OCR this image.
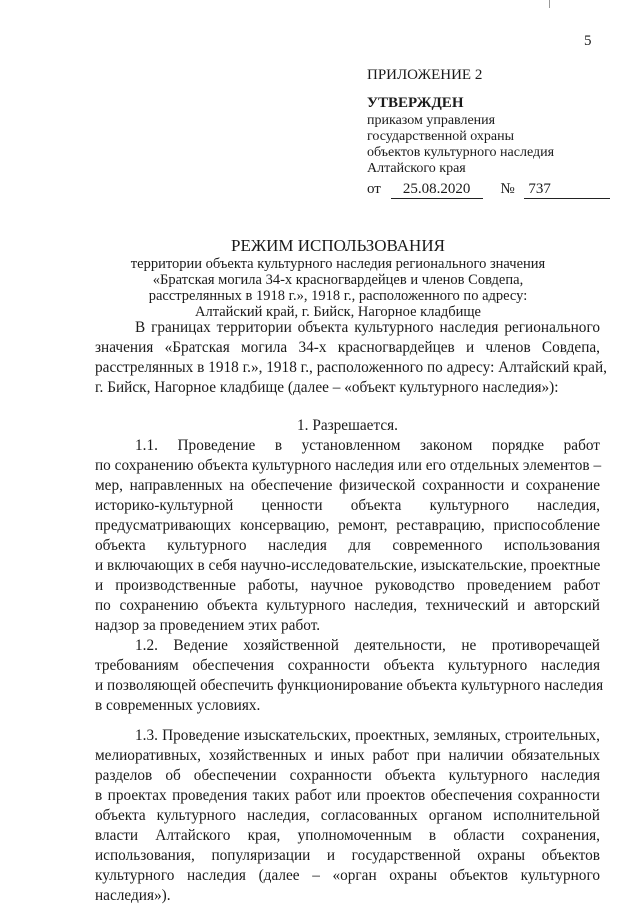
5
ПРИЛОЖЕНИЕ 2
УТВЕРЖДЕН
приказом управления
государственной охраны
объектов культурного наследия
Алтайского края
от 25.08.2020 № 737
РЕЖИМ ИСПОЛЬЗОВАНИЯ
территории объекта культурного наследия регионального значения
«Братская могила 34-х красногвардейцев и членов Совдепа,
расстрелянных в 1918 г.», 1918 г., расположенного по адресу:
Алтайский край, г. Бийск, Нагорное кладбище
В границах территории объекта культурного наследия регионального
значения «Братская могила 34-х красногвардейцев и членов Совдепа,
расстрелянных в 1918 г.», 1918 г., расположенного по адресу: Алтайский край,
г. Бийск, Нагорное кладбище (далее – «объект культурного наследия»):
1. Разрешается.
1.1. Проведение в установленном законом порядке работ
по сохранению объекта культурного наследия или его отдельных элементов –
мер, направленных на обеспечение физической сохранности и сохранение
историко-культурной ценности объекта культурного наследия,
предусматривающих консервацию, ремонт, реставрацию, приспособление
объекта культурного наследия для современного использования
и включающих в себя научно-исследовательские, изыскательские, проектные
и производственные работы, научное руководство проведением работ
по сохранению объекта культурного наследия, технический и авторский
надзор за проведением этих работ.
1.2. Ведение хозяйственной деятельности, не противоречащей
требованиям обеспечения сохранности объекта культурного наследия
и позволяющей обеспечить функционирование объекта культурного наследия
в современных условиях.
1.3. Проведение изыскательских, проектных, земляных, строительных,
мелиоративных, хозяйственных и иных работ при наличии обязательных
разделов об обеспечении сохранности объекта культурного наследия
в проектах проведения таких работ или проектов обеспечения сохранности
объекта культурного наследия, согласованных органом исполнительной
власти Алтайского края, уполномоченным в области сохранения,
использования, популяризации и государственной охраны объектов
культурного наследия (далее – «орган охраны объектов культурного
наследия»).
